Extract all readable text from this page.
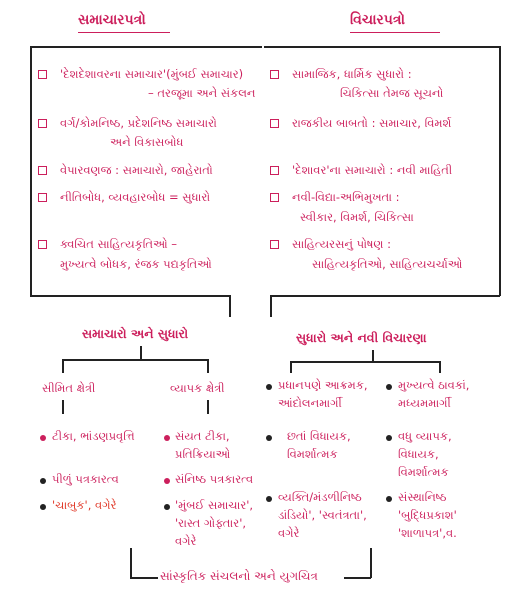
સમાચારપત્રો	વિચારપત્રો
'દેશદેશાવરના સમાચાર'(મુંબઈ સમાચાર)
– તરજૂમા અને સંકલન
વર્ગ/કોમનિષ્ઠ, પ્રદેશનિષ્ઠ સમાચારો
અને વિકાસબોધ
વેપારવણજ : સમાચારો, જાહેરાતો
નીતિબોધ, વ્યવહારબોધ = સુધારો
ક્વચિત સાહિત્યકૃતિઓ –
મુખ્યત્વે બોધક, રંજક પદ્યકૃતિઓ
સામાજિક, ધાર્મિક સુધારો :
ચિકિત્સા તેમજ સૂચનો
રાજકીય બાબતો : સમાચાર, વિમર્શ
'દેશાવર'ના સમાચારો : નવી માહિતી
નવી-વિદ્યા-અભિમુખતા :
સ્વીકાર, વિમર્શ, ચિકિત્સા
સાહિત્યરસનું પોષણ :
સાહિત્યકૃતિઓ, સાહિત્યચર્ચાઓ
સમાચારો અને સુધારો	સુધારો અને નવી વિચારણા
સીમિત ક્ષેત્રી	વ્યાપક ક્ષેત્રી
ટીકા, ભાંડણપ્રવૃત્તિ
પીળું પત્રકારત્વ
'ચાબુક', વગેરે
સંયત ટીકા,
પ્રતિક્રિયાઓ
સંનિષ્ઠ પત્રકારત્વ
'મુંબઈ સમાચાર',
'રાસ્ત ગોફ્તાર',
વગેરે
પ્રધાનપણે આક્રમક,
આંદોલનમાર્ગી
છતાં વિધાયક,
વિમર્શાત્મક
વ્યક્તિ/મંડળીનિષ્ઠ
ડાંડિયો', 'સ્વતંત્રતા',
વગેરે
મુખ્યત્વે ઠાવકાં,
મધ્યમમાર્ગી
વધુ વ્યાપક,
વિધાયક,
વિમર્શાત્મક
સંસ્થાનિષ્ઠ
'બુદ્ધિપ્રકાશ'
'શાળાપત્ર',વ.
સાંસ્કૃતિક સંચલનો અને યુગચિત્ર
